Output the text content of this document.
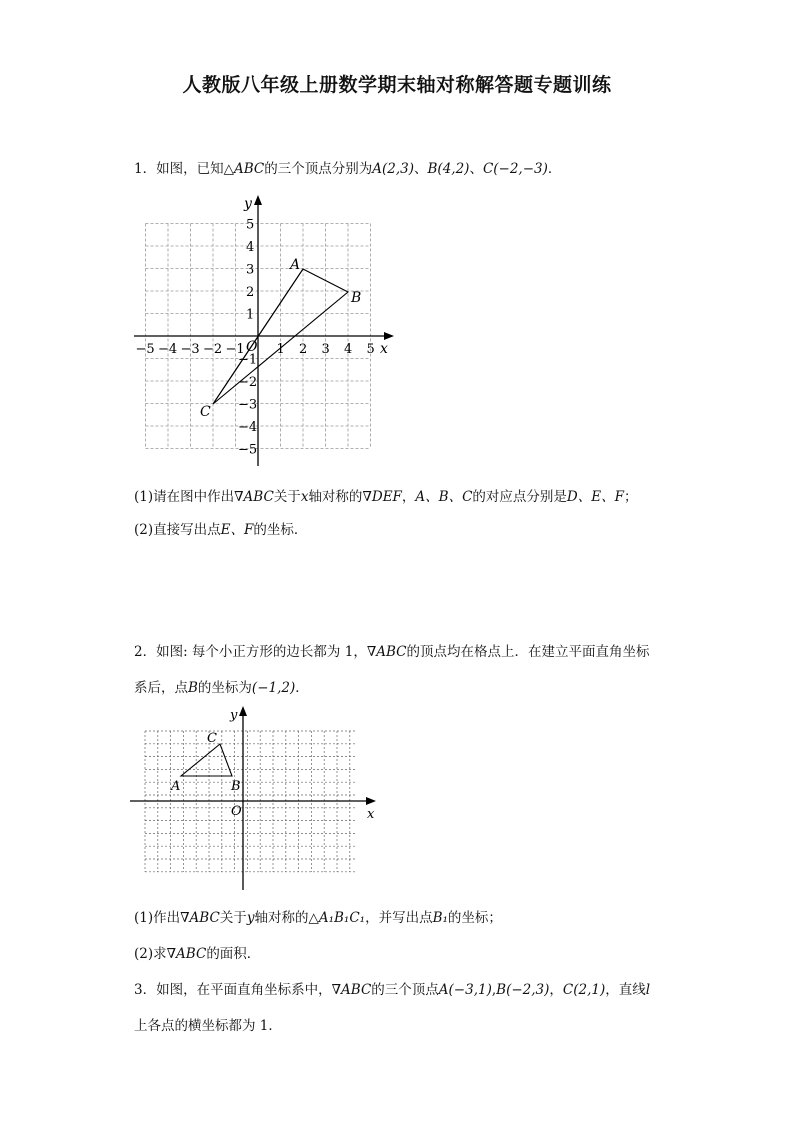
人教版八年级上册数学期末轴对称解答题专题训练
1．如图，已知△ABC的三个顶点分别为A(2,3)、B(4,2)、C(−2,−3)．
−5 −4 −3 −2 −1 1 2 3 4 5
5
4
3
2
1
−1
−2
−3
−4
−5
x
y
O
A
B
C
(1)请在图中作出∇ABC关于x轴对称的∇DEF，A、B、C的对应点分别是D、E、F；
(2)直接写出点E、F的坐标．
2．如图: 每个小正方形的边长都为 1，∇ABC的顶点均在格点上．在建立平面直角坐标
系后，点B的坐标为(−1,2)．
x
y
O
A	B
C
(1)作出∇ABC关于y轴对称的△A₁B₁C₁，并写出点B₁的坐标；
(2)求∇ABC的面积．
3．如图，在平面直角坐标系中，∇ABC的三个顶点A(−3,1),B(−2,3)，C(2,1)，直线l
上各点的横坐标都为 1．
